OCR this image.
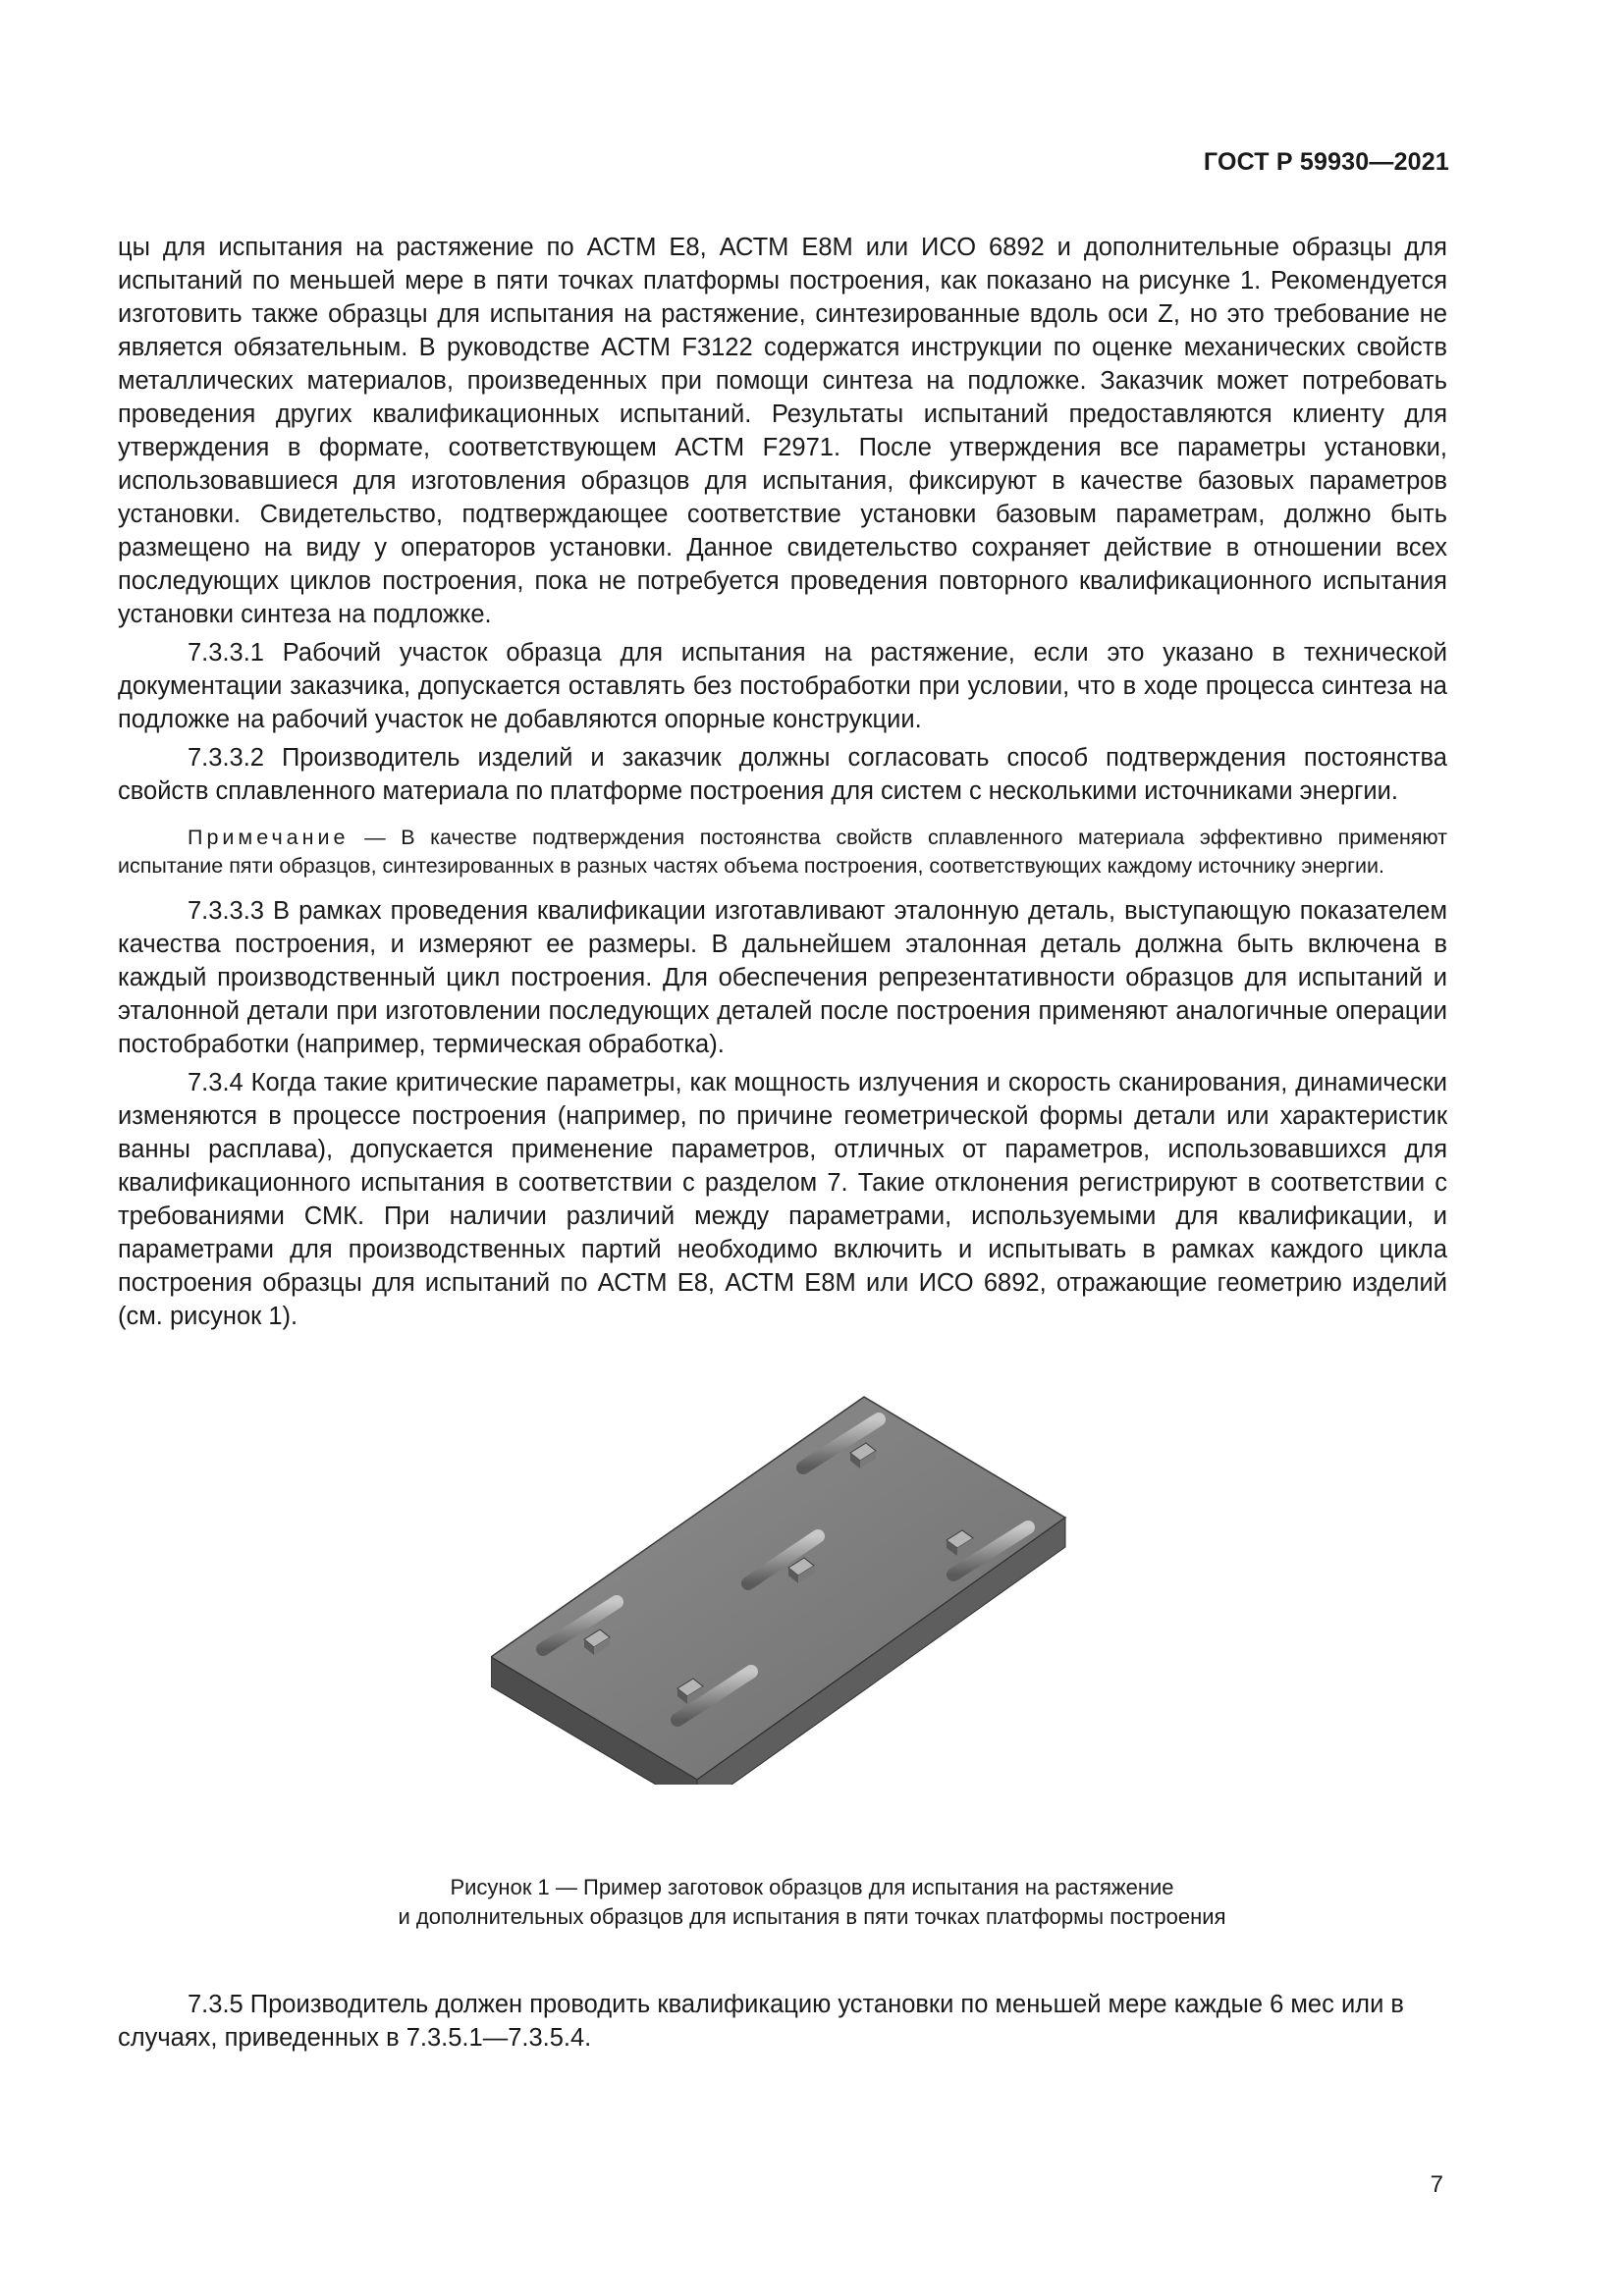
ГОСТ Р 59930—2021

цы для испытания на растяжение по АСТМ Е8, АСТМ Е8М или ИСО 6892 и дополнительные образцы для испытаний по меньшей мере в пяти точках платформы построения, как показано на рисунке 1. Рекомендуется изготовить также образцы для испытания на растяжение, синтезированные вдоль оси Z, но это требование не является обязательным. В руководстве АСТМ F3122 содержатся инструкции по оценке механических свойств металлических материалов, произведенных при помощи синтеза на подложке. Заказчик может потребовать проведения других квалификационных испытаний. Результаты испытаний предоставляются клиенту для утверждения в формате, соответствующем АСТМ F2971. После утверждения все параметры установки, использовавшиеся для изготовления образцов для испытания, фиксируют в качестве базовых параметров установки. Свидетельство, подтверждающее соответствие установки базовым параметрам, должно быть размещено на виду у операторов установки. Данное свидетельство сохраняет действие в отношении всех последующих циклов построения, пока не потребуется проведения повторного квалификационного испытания установки синтеза на подложке.

7.3.3.1 Рабочий участок образца для испытания на растяжение, если это указано в технической документации заказчика, допускается оставлять без постобработки при условии, что в ходе процесса синтеза на подложке на рабочий участок не добавляются опорные конструкции.

7.3.3.2 Производитель изделий и заказчик должны согласовать способ подтверждения постоянства свойств сплавленного материала по платформе построения для систем с несколькими источниками энергии.

Примечание — В качестве подтверждения постоянства свойств сплавленного материала эффективно применяют испытание пяти образцов, синтезированных в разных частях объема построения, соответствующих каждому источнику энергии.

7.3.3.3 В рамках проведения квалификации изготавливают эталонную деталь, выступающую показателем качества построения, и измеряют ее размеры. В дальнейшем эталонная деталь должна быть включена в каждый производственный цикл построения. Для обеспечения репрезентативности образцов для испытаний и эталонной детали при изготовлении последующих деталей после построения применяют аналогичные операции постобработки (например, термическая обработка).

7.3.4 Когда такие критические параметры, как мощность излучения и скорость сканирования, динамически изменяются в процессе построения (например, по причине геометрической формы детали или характеристик ванны расплава), допускается применение параметров, отличных от параметров, использовавшихся для квалификационного испытания в соответствии с разделом 7. Такие отклонения регистрируют в соответствии с требованиями СМК. При наличии различий между параметрами, используемыми для квалификации, и параметрами для производственных партий необходимо включить и испытывать в рамках каждого цикла построения образцы для испытаний по АСТМ Е8, АСТМ Е8М или ИСО 6892, отражающие геометрию изделий (см. рисунок 1).

Рисунок 1 — Пример заготовок образцов для испытания на растяжение
и дополнительных образцов для испытания в пяти точках платформы построения

7.3.5 Производитель должен проводить квалификацию установки по меньшей мере каждые 6 мес или в случаях, приведенных в 7.3.5.1—7.3.5.4.

7
